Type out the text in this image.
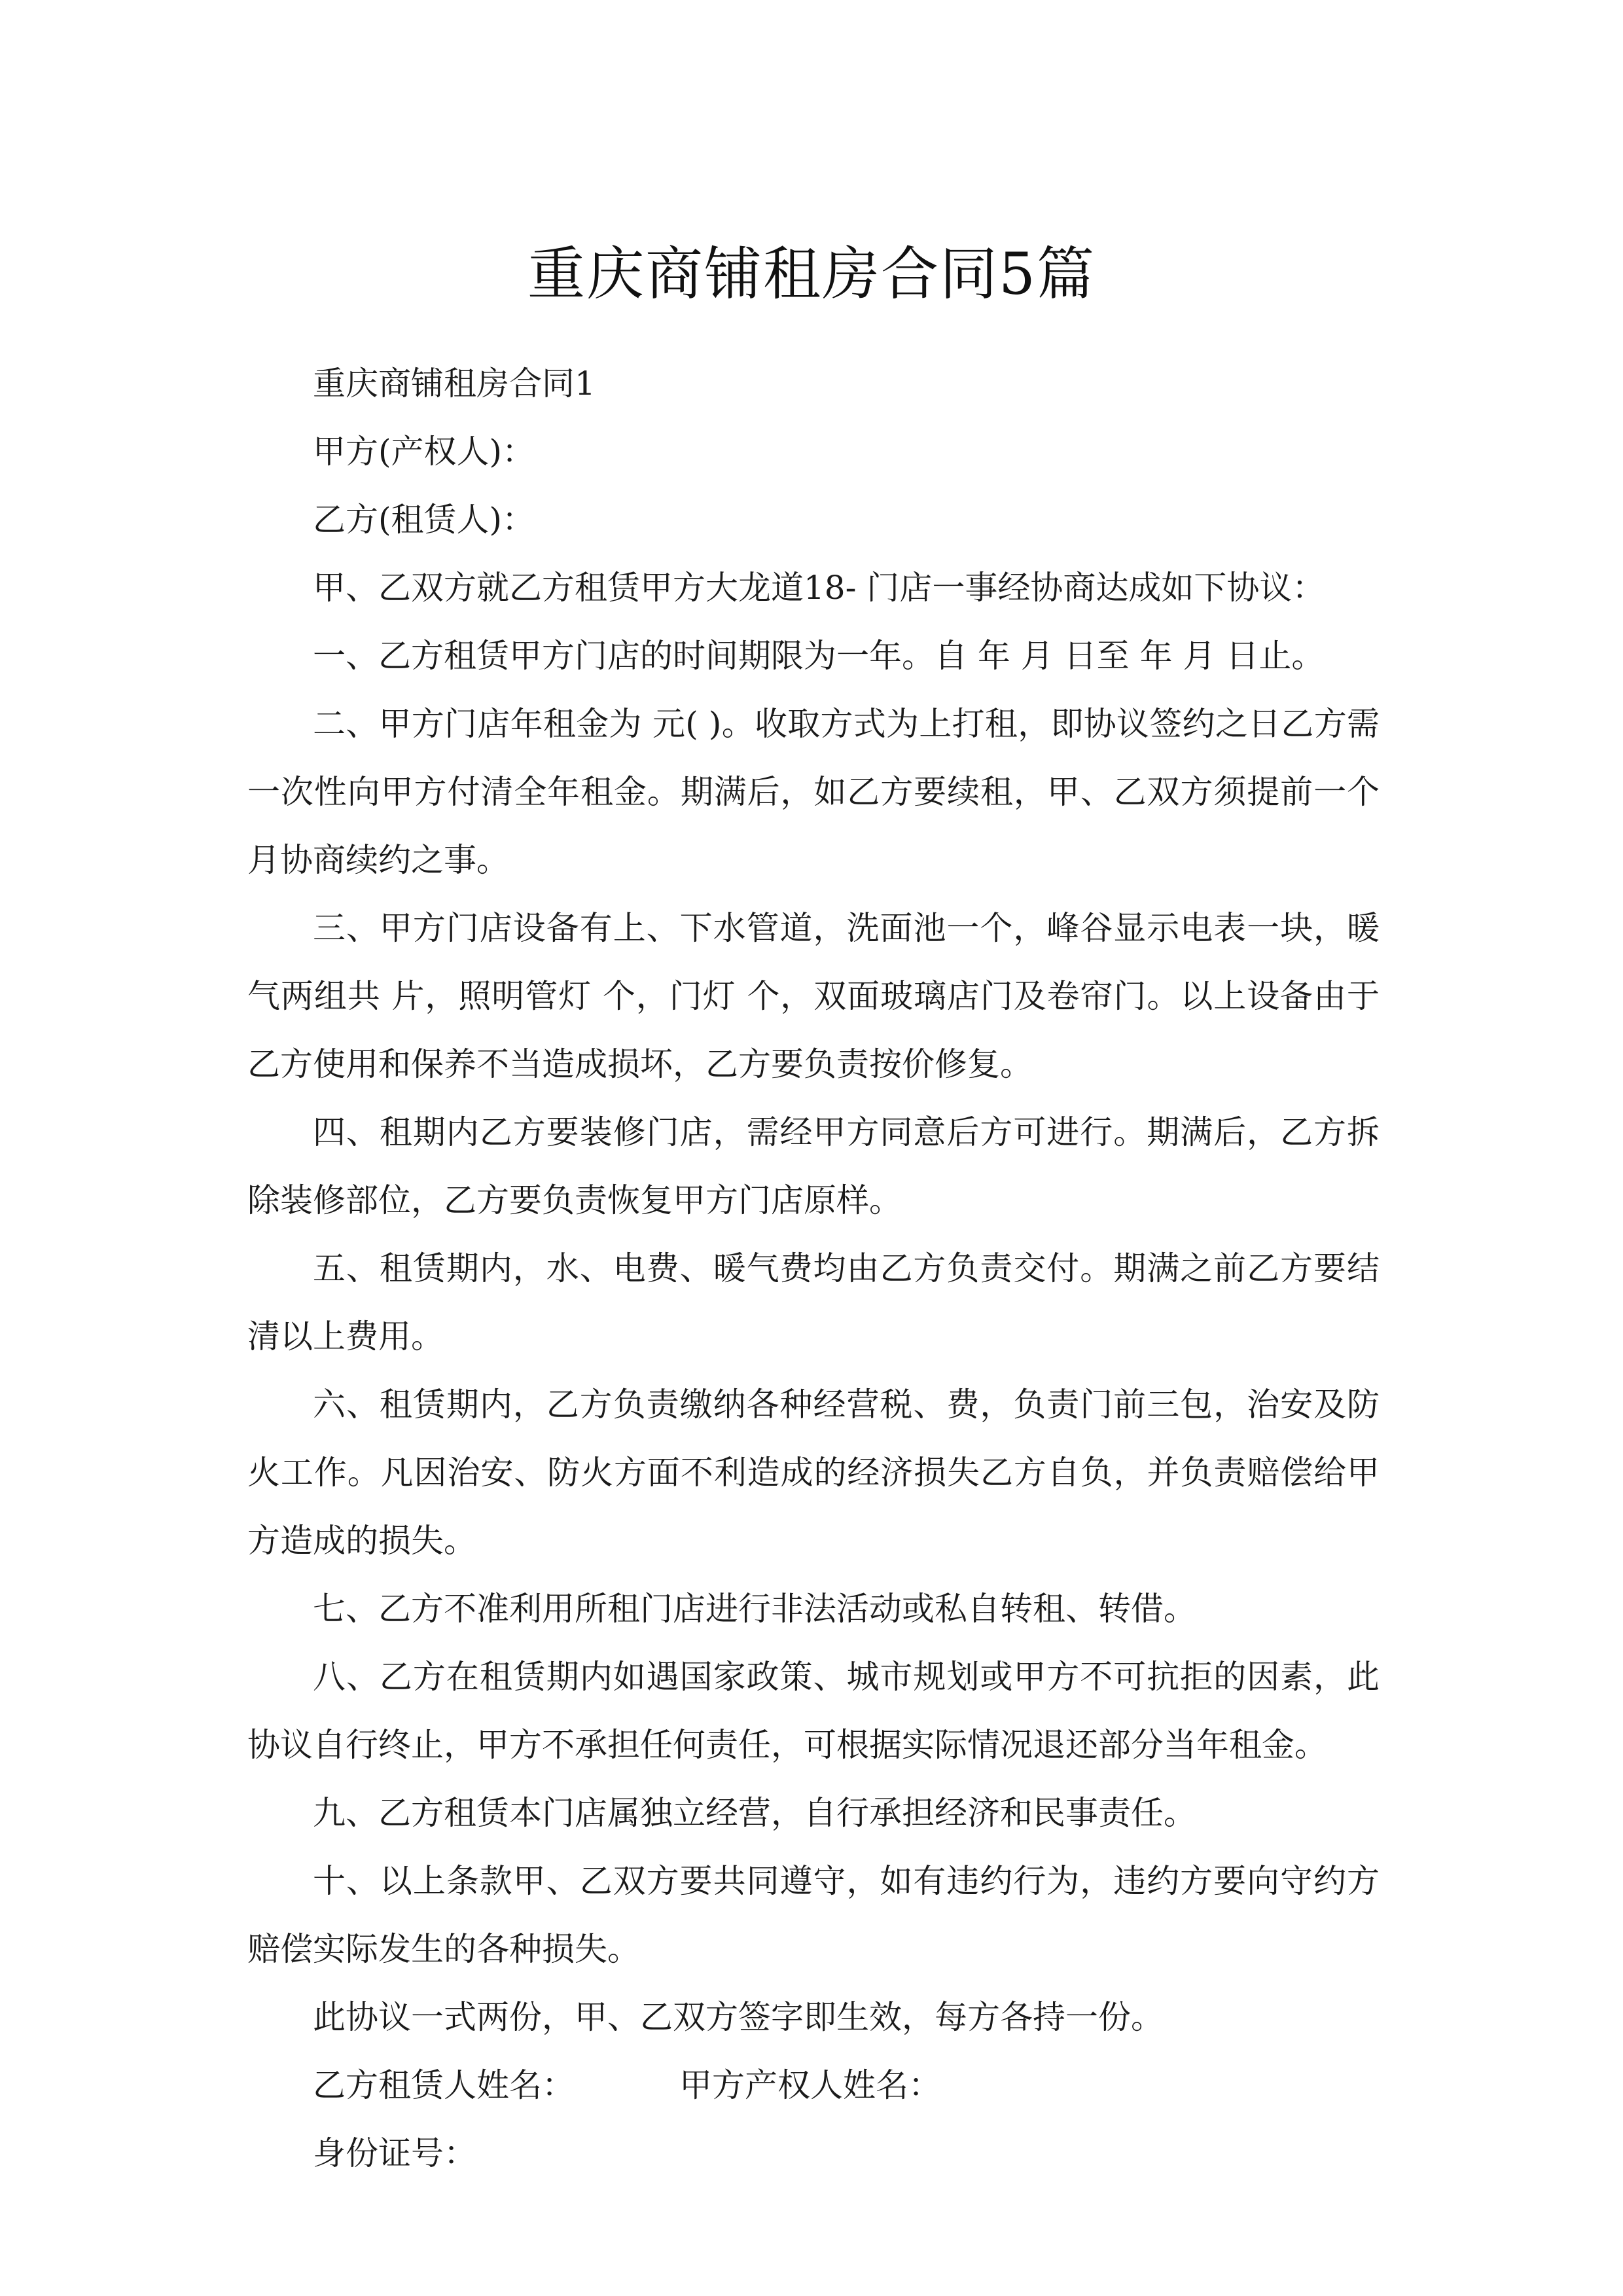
重庆商铺租房合同5篇

重庆商铺租房合同1

甲方(产权人)：

乙方(租赁人)：

甲、乙双方就乙方租赁甲方大龙道18- 门店一事经协商达成如下协议：

一、乙方租赁甲方门店的时间期限为一年。自 年 月 日至 年 月 日止。

二、甲方门店年租金为 元( )。收取方式为上打租，即协议签约之日乙方需一次性向甲方付清全年租金。期满后，如乙方要续租，甲、乙双方须提前一个月协商续约之事。

三、甲方门店设备有上、下水管道，洗面池一个，峰谷显示电表一块，暖气两组共 片，照明管灯 个，门灯 个，双面玻璃店门及卷帘门。以上设备由于乙方使用和保养不当造成损坏，乙方要负责按价修复。

四、租期内乙方要装修门店，需经甲方同意后方可进行。期满后，乙方拆除装修部位，乙方要负责恢复甲方门店原样。

五、租赁期内，水、电费、暖气费均由乙方负责交付。期满之前乙方要结清以上费用。

六、租赁期内，乙方负责缴纳各种经营税、费，负责门前三包，治安及防火工作。凡因治安、防火方面不利造成的经济损失乙方自负，并负责赔偿给甲方造成的损失。

七、乙方不准利用所租门店进行非法活动或私自转租、转借。

八、乙方在租赁期内如遇国家政策、城市规划或甲方不可抗拒的因素，此协议自行终止，甲方不承担任何责任，可根据实际情况退还部分当年租金。

九、乙方租赁本门店属独立经营，自行承担经济和民事责任。

十、以上条款甲、乙双方要共同遵守，如有违约行为，违约方要向守约方赔偿实际发生的各种损失。

此协议一式两份，甲、乙双方签字即生效，每方各持一份。

乙方租赁人姓名：	甲方产权人姓名：

身份证号：
